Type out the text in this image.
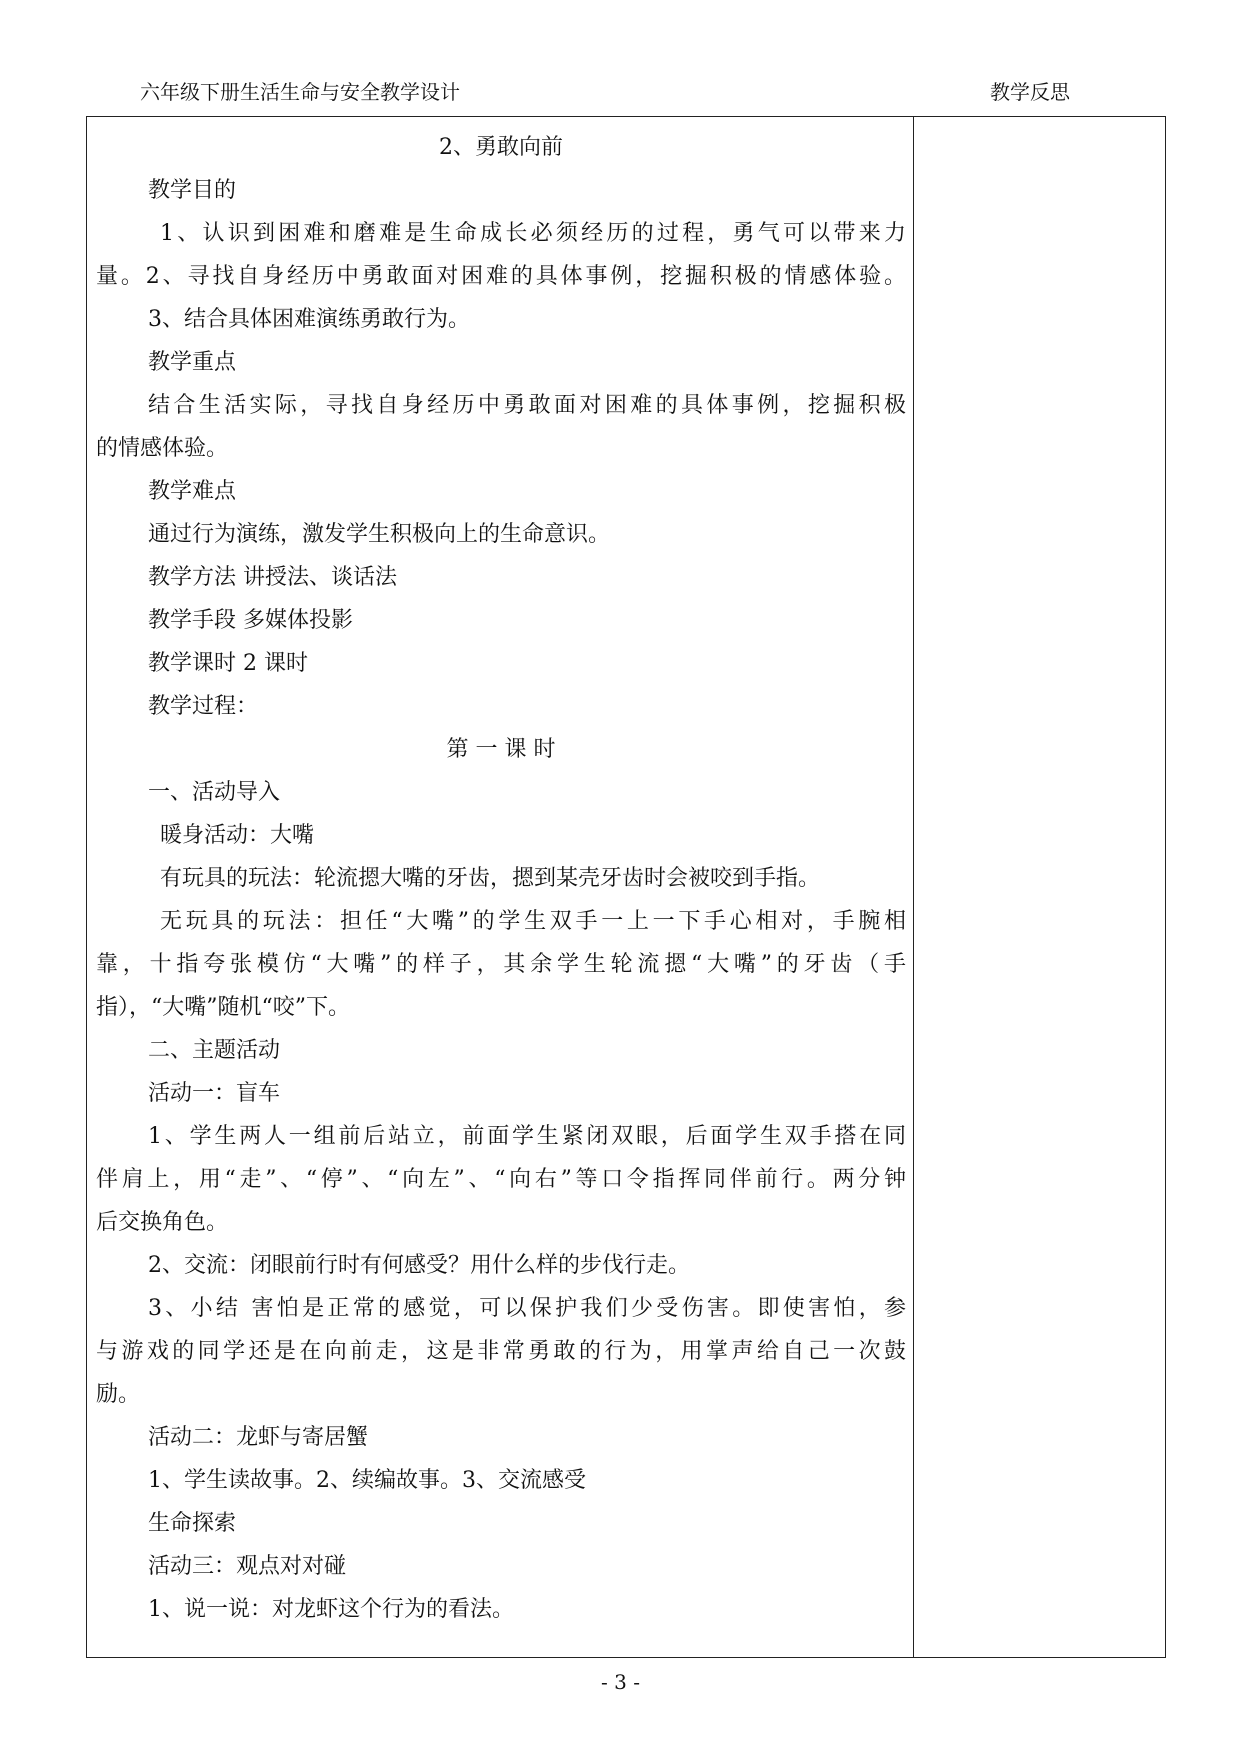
六年级下册生活生命与安全教学设计	教学反思

2、勇敢向前

教学目的

1、认识到困难和磨难是生命成长必须经历的过程，勇气可以带来力

量。2、寻找自身经历中勇敢面对困难的具体事例，挖掘积极的情感体验。

3、结合具体困难演练勇敢行为。

教学重点

结合生活实际，寻找自身经历中勇敢面对困难的具体事例，挖掘积极

的情感体验。

教学难点

通过行为演练，激发学生积极向上的生命意识。

教学方法 讲授法、谈话法

教学手段 多媒体投影

教学课时 2 课时

教学过程：

第 一 课 时

一、活动导入

暖身活动：大嘴

有玩具的玩法：轮流摁大嘴的牙齿，摁到某壳牙齿时会被咬到手指。

无玩具的玩法：担任“大嘴”的学生双手一上一下手心相对，手腕相

靠，十指夸张模仿“大嘴”的样子，其余学生轮流摁“大嘴”的牙齿（手

指），“大嘴”随机“咬”下。

二、主题活动

活动一：盲车

1、学生两人一组前后站立，前面学生紧闭双眼，后面学生双手搭在同

伴肩上，用“走”、“停”、“向左”、“向右”等口令指挥同伴前行。两分钟

后交换角色。

2、交流：闭眼前行时有何感受？用什么样的步伐行走。

3、小结 害怕是正常的感觉，可以保护我们少受伤害。即使害怕，参

与游戏的同学还是在向前走，这是非常勇敢的行为，用掌声给自己一次鼓

励。

活动二：龙虾与寄居蟹

1、学生读故事。2、续编故事。3、交流感受

生命探索

活动三：观点对对碰

1、说一说：对龙虾这个行为的看法。

- 3 -
